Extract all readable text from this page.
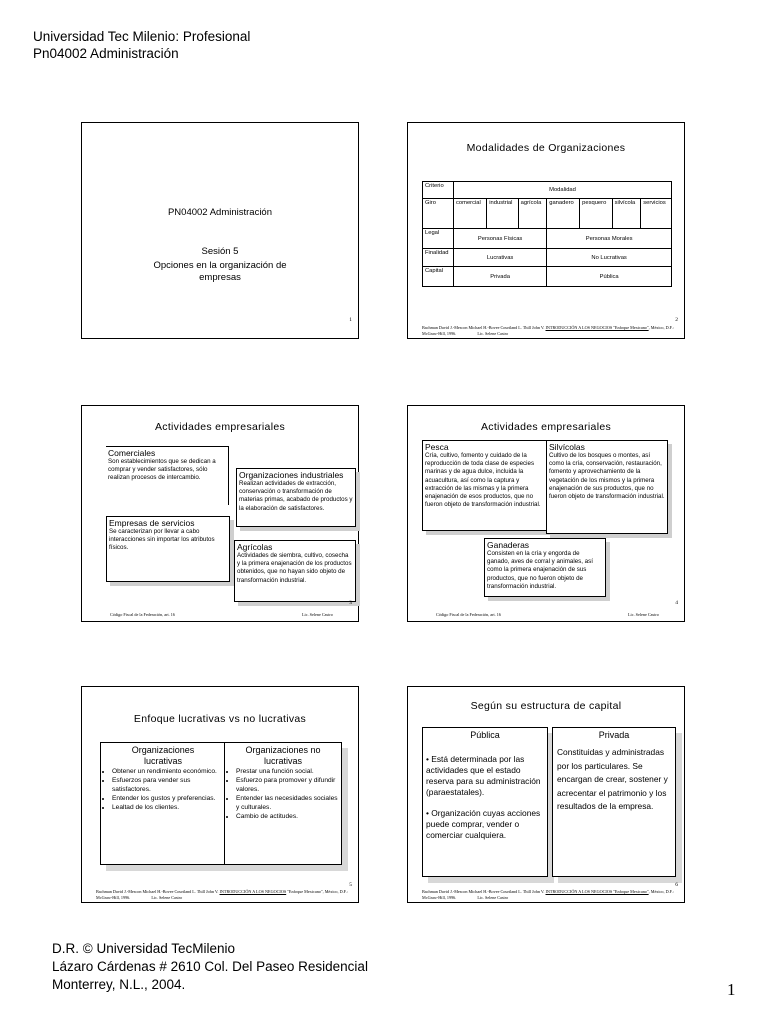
Universidad Tec Milenio: Profesional
Pn04002 Administración
PN04002 Administración
Sesión 5
Opciones en la organización de empresas
1
Modalidades de Organizaciones
Criterio	Modalidad						
Giro	comercial	industrial	agrícola	ganadero	pesquero	silvícola	servicios
Legal	Personas Físicas			Personas Morales			
Finalidad	Lucrativas			No Lucrativas			
Capital	Privada			Pública			
2
Bachman David J.-Mescon Michael H.-Bovee Courtland L. Thill John V. INTRODUCCIÓN A LOS NEGOCIOS "Enfoque Mexicano", México, D.F.: McGraw-Hill, 1996.	Lic. Selene Castro
Actividades empresariales
Comerciales
Son establecimientos que se dedican a comprar y vender satisfactores, sólo realizan procesos de intercambio.	Organizaciones industriales
Realizan actividades de extracción, conservación o transformación de materias primas, acabado de productos y la elaboración de satisfactores.
Empresas de servicios
Se caracterizan por llevar a cabo interacciones sin importar los atributos físicos.	Agrícolas
Actividades de siembra, cultivo, cosecha y la primera enajenación de los productos obtenidos, que no hayan sido objeto de transformación industrial.
3
Código Fiscal de la Federación, art. 16	Lic. Selene Castro
Actividades empresariales
Pesca
Cría, cultivo, fomento y cuidado de la reproducción de toda clase de especies marinas y de agua dulce, incluida la acuacultura, así como la captura y extracción de las mismas y la primera enajenación de esos productos, que no fueron objeto de transformación industrial.
Silvícolas
Cultivo de los bosques o montes, así como la cría, conservación, restauración, fomento y aprovechamiento de la vegetación de los mismos y la primera enajenación de sus productos, que no fueron objeto de transformación industrial.
Ganaderas
Consisten en la cría y engorda de ganado, aves de corral y animales, así como la primera enajenación de sus productos, que no fueron objeto de transformación industrial.
4
Código Fiscal de la Federación, art. 16	Lic. Selene Castro
Enfoque lucrativas vs no lucrativas
Organizaciones lucrativas
• Obtener un rendimiento económico.
• Esfuerzos para vender sus satisfactores.
• Entender los gustos y preferencias.
• Lealtad de los clientes.
Organizaciones no lucrativas
• Prestar una función social.
• Esfuerzo para promover y difundir valores.
• Entender las necesidades sociales y culturales.
• Cambio de actitudes.
5
Bachman David J.-Mescon Michael H.-Bovee Courtland L. Thill John V. INTRODUCCIÓN A LOS NEGOCIOS "Enfoque Mexicano", México, D.F.: McGraw-Hill, 1996.	Lic. Selene Castro
Según su estructura de capital
Pública

• Está determinada por las actividades que el estado reserva para su administración (paraestatales).

• Organización cuyas acciones puede comprar, vender o comerciar cualquiera.

Privada

Constituidas y administradas por los particulares. Se encargan de crear, sostener y acrecentar el patrimonio y los resultados de la empresa.

6
Bachman David J.-Mescon Michael H.-Bovee Courtland L. Thill John V. INTRODUCCIÓN A LOS NEGOCIOS "Enfoque Mexicano", México, D.F.: McGraw-Hill, 1996.	Lic. Selene Castro
D.R. © Universidad TecMilenio
Lázaro Cárdenas # 2610 Col. Del Paseo Residencial
Monterrey, N.L., 2004.	1
